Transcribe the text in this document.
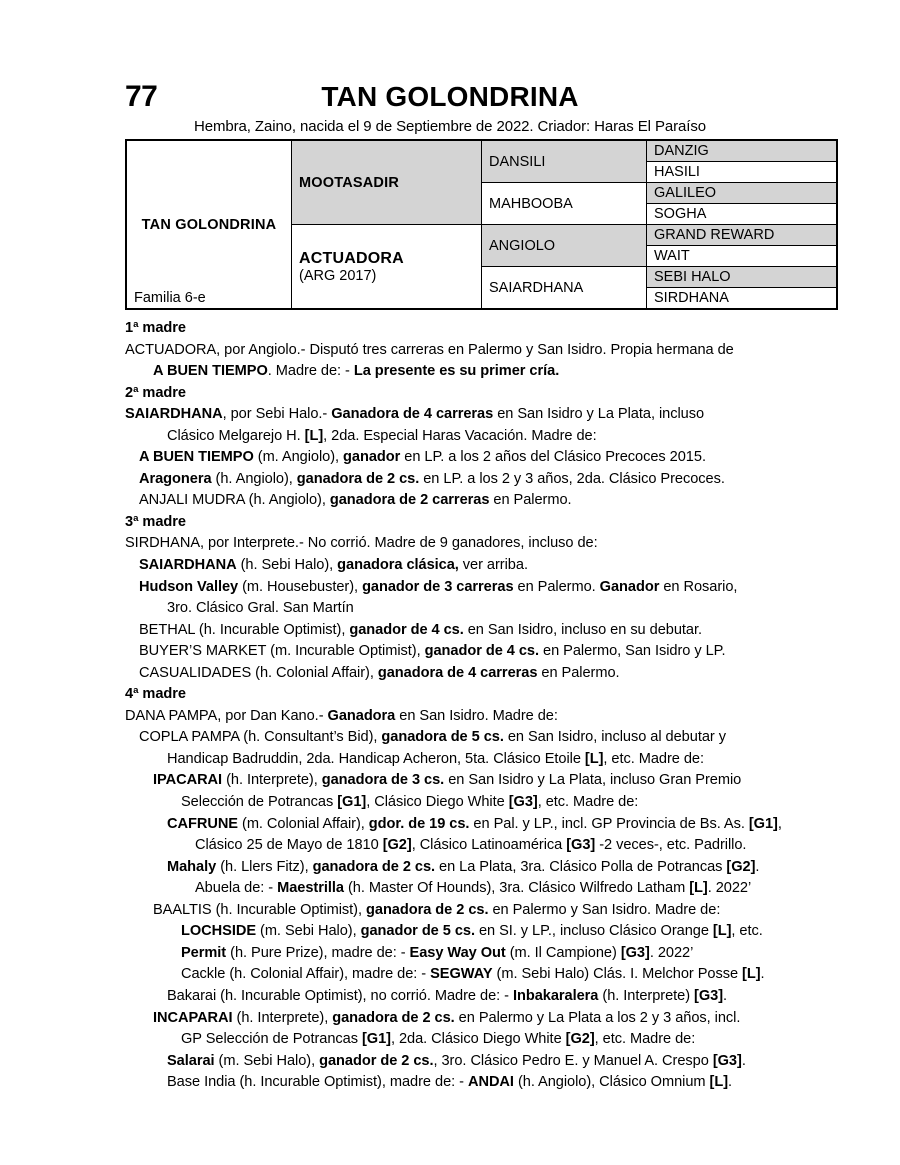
77	TAN GOLONDRINA
Hembra, Zaino, nacida el 9 de Septiembre de 2022. Criador: Haras El Paraíso
TAN GOLONDRINA
Familia 6-e	MOOTASADIR	DANSILI	DANZIG
			HASILI
		MAHBOOBA	GALILEO
			SOGHA

	ACTUADORA
(ARG 2017)	ANGIOLO	GRAND REWARD
			WAIT
		SAIARDHANA	SEBI HALO
			SIRDHANA
1ª madre
ACTUADORA, por Angiolo.- Disputó tres carreras en Palermo y San Isidro. Propia hermana de
A BUEN TIEMPO. Madre de: - La presente es su primer cría.
2ª madre
SAIARDHANA, por Sebi Halo.- Ganadora de 4 carreras en San Isidro y La Plata, incluso
Clásico Melgarejo H. [L], 2da. Especial Haras Vacación. Madre de:
A BUEN TIEMPO (m. Angiolo), ganador en LP. a los 2 años del Clásico Precoces 2015.
Aragonera (h. Angiolo), ganadora de 2 cs. en LP. a los 2 y 3 años, 2da. Clásico Precoces.
ANJALI MUDRA (h. Angiolo), ganadora de 2 carreras en Palermo.
3ª madre
SIRDHANA, por Interprete.- No corrió. Madre de 9 ganadores, incluso de:
SAIARDHANA (h. Sebi Halo), ganadora clásica, ver arriba.
Hudson Valley (m. Housebuster), ganador de 3 carreras en Palermo. Ganador en Rosario,
3ro. Clásico Gral. San Martín
BETHAL (h. Incurable Optimist), ganador de 4 cs. en San Isidro, incluso en su debutar.
BUYER’S MARKET (m. Incurable Optimist), ganador de 4 cs. en Palermo, San Isidro y LP.
CASUALIDADES (h. Colonial Affair), ganadora de 4 carreras en Palermo.
4ª madre
DANA PAMPA, por Dan Kano.- Ganadora en San Isidro. Madre de:
COPLA PAMPA (h. Consultant’s Bid), ganadora de 5 cs. en San Isidro, incluso al debutar y
Handicap Badruddin, 2da. Handicap Acheron, 5ta. Clásico Etoile [L], etc. Madre de:
IPACARAI (h. Interprete), ganadora de 3 cs. en San Isidro y La Plata, incluso Gran Premio
Selección de Potrancas [G1], Clásico Diego White [G3], etc. Madre de:
CAFRUNE (m. Colonial Affair), gdor. de 19 cs. en Pal. y LP., incl. GP Provincia de Bs. As. [G1],
Clásico 25 de Mayo de 1810 [G2], Clásico Latinoamérica [G3] -2 veces-, etc. Padrillo.
Mahaly (h. Llers Fitz), ganadora de 2 cs. en La Plata, 3ra. Clásico Polla de Potrancas [G2].
Abuela de: - Maestrilla (h. Master Of Hounds), 3ra. Clásico Wilfredo Latham [L]. 2022’
BAALTIS (h. Incurable Optimist), ganadora de 2 cs. en Palermo y San Isidro. Madre de:
LOCHSIDE (m. Sebi Halo), ganador de 5 cs. en SI. y LP., incluso Clásico Orange [L], etc.
Permit (h. Pure Prize), madre de: - Easy Way Out (m. Il Campione) [G3]. 2022’
Cackle (h. Colonial Affair), madre de: - SEGWAY (m. Sebi Halo) Clás. I. Melchor Posse [L].
Bakarai (h. Incurable Optimist), no corrió. Madre de: - Inbakaralera (h. Interprete) [G3].
INCAPARAI (h. Interprete), ganadora de 2 cs. en Palermo y La Plata a los 2 y 3 años, incl.
GP Selección de Potrancas [G1], 2da. Clásico Diego White [G2], etc. Madre de:
Salarai (m. Sebi Halo), ganador de 2 cs., 3ro. Clásico Pedro E. y Manuel A. Crespo [G3].
Base India (h. Incurable Optimist), madre de: - ANDAI (h. Angiolo), Clásico Omnium [L].
